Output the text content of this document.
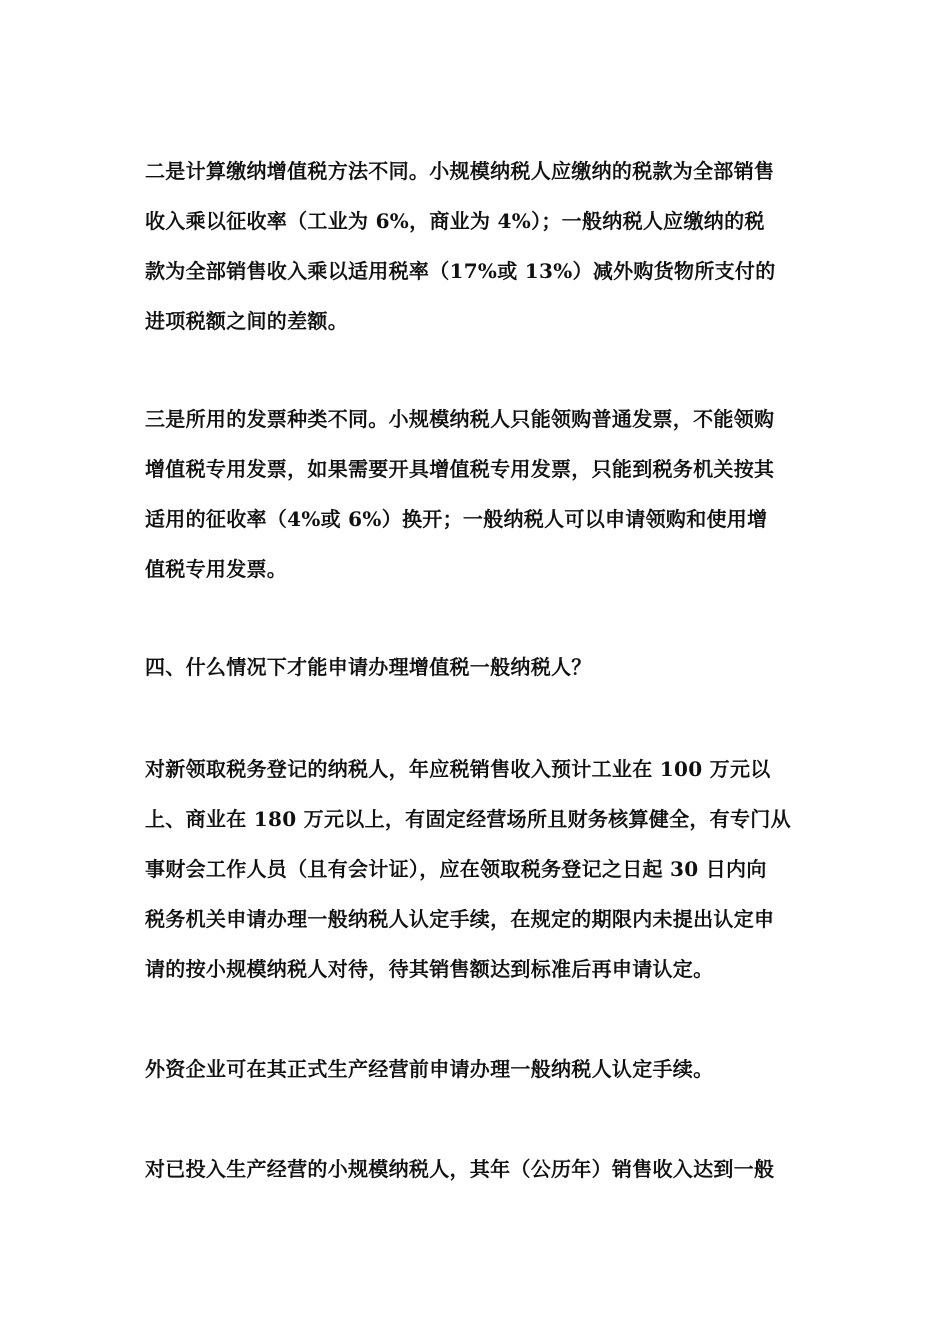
二是计算缴纳增值税方法不同。小规模纳税人应缴纳的税款为全部销售
收入乘以征收率（工业为 6%，商业为 4%）；一般纳税人应缴纳的税
款为全部销售收入乘以适用税率（17%或 13%）减外购货物所支付的
进项税额之间的差额。

三是所用的发票种类不同。小规模纳税人只能领购普通发票，不能领购
增值税专用发票，如果需要开具增值税专用发票，只能到税务机关按其
适用的征收率（4%或 6%）换开；一般纳税人可以申请领购和使用增
值税专用发票。

四、什么情况下才能申请办理增值税一般纳税人？

对新领取税务登记的纳税人，年应税销售收入预计工业在 100 万元以
上、商业在 180 万元以上，有固定经营场所且财务核算健全，有专门从
事财会工作人员（且有会计证），应在领取税务登记之日起 30 日内向
税务机关申请办理一般纳税人认定手续，在规定的期限内未提出认定申
请的按小规模纳税人对待，待其销售额达到标准后再申请认定。

外资企业可在其正式生产经营前申请办理一般纳税人认定手续。

对已投入生产经营的小规模纳税人，其年（公历年）销售收入达到一般
